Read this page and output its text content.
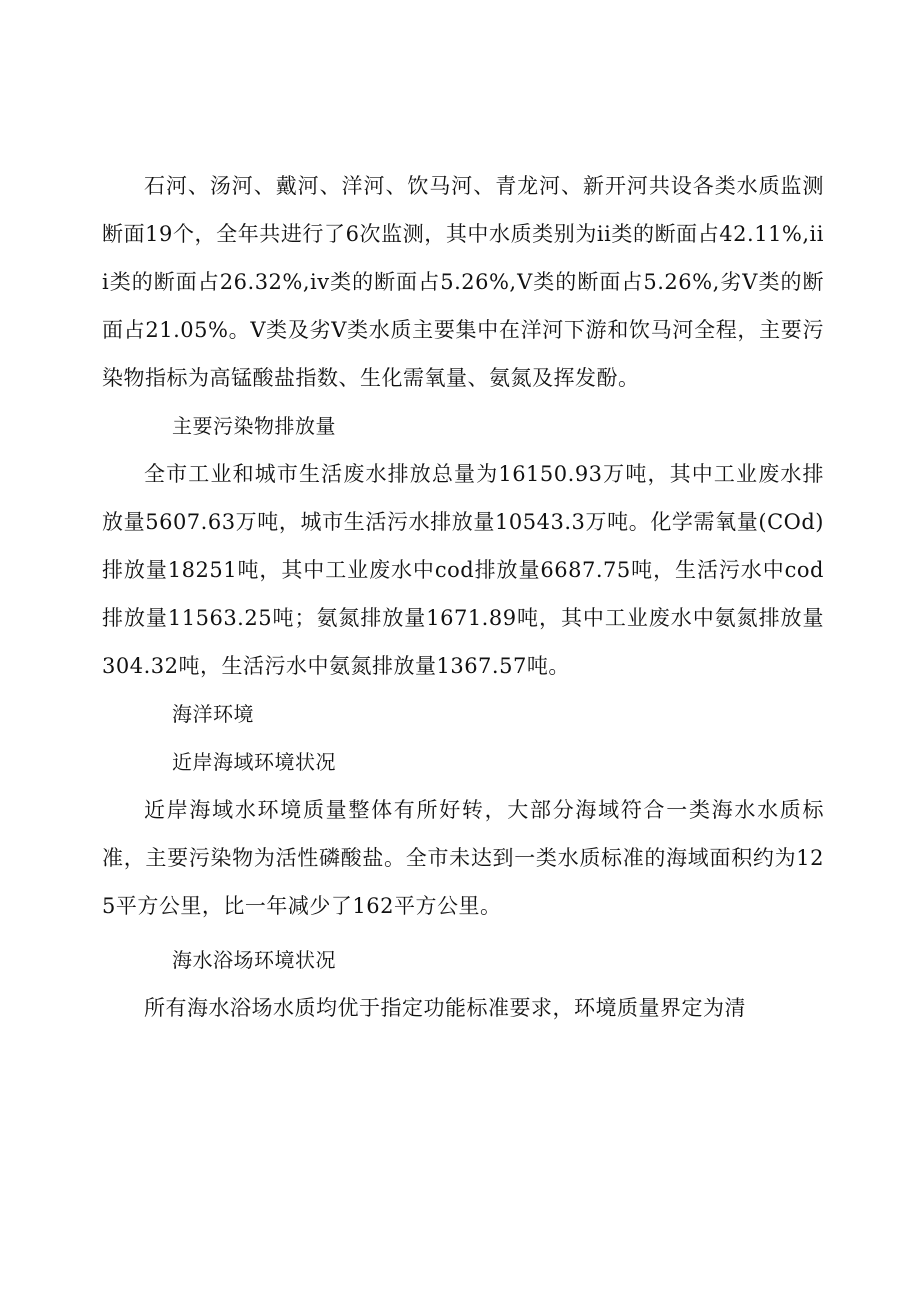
石河、汤河、戴河、洋河、饮马河、青龙河、新开河共设各类水质监测断面19个，全年共进行了6次监测，其中水质类别为ii类的断面占42.11%,iii类的断面占26.32%,iv类的断面占5.26%,Ⅴ类的断面占5.26%,劣Ⅴ类的断面占21.05%。Ⅴ类及劣Ⅴ类水质主要集中在洋河下游和饮马河全程，主要污染物指标为高锰酸盐指数、生化需氧量、氨氮及挥发酚。

主要污染物排放量

全市工业和城市生活废水排放总量为16150.93万吨，其中工业废水排放量5607.63万吨，城市生活污水排放量10543.3万吨。化学需氧量(COd)排放量18251吨，其中工业废水中cod排放量6687.75吨，生活污水中cod排放量11563.25吨；氨氮排放量1671.89吨，其中工业废水中氨氮排放量304.32吨，生活污水中氨氮排放量1367.57吨。

海洋环境

近岸海域环境状况

近岸海域水环境质量整体有所好转，大部分海域符合一类海水水质标准，主要污染物为活性磷酸盐。全市未达到一类水质标准的海域面积约为125平方公里，比一年减少了162平方公里。

海水浴场环境状况

所有海水浴场水质均优于指定功能标准要求，环境质量界定为清
